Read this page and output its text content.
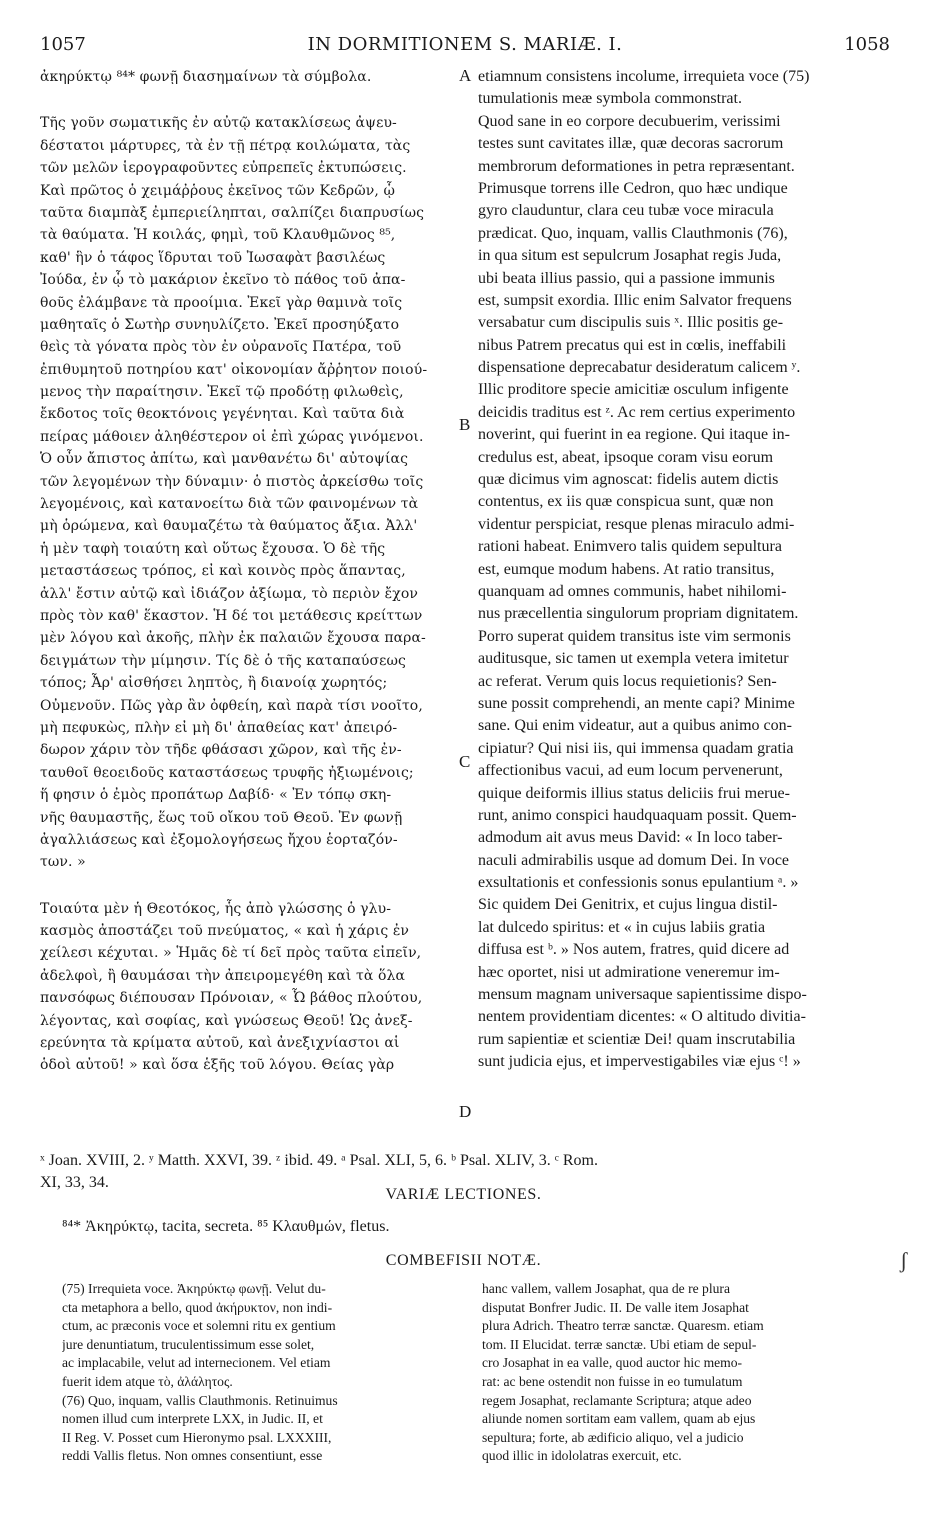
1057	IN DORMITIONEM S. MARIÆ. I.	1058
ἀκηρύκτῳ ⁸⁴* φωνῇ διασημαίνων τὰ σύμβολα.
Τῆς γοῦν σωματικῆς ἐν αὐτῷ κατακλίσεως ἀψευ-
δέστατοι μάρτυρες, τὰ ἐν τῇ πέτρᾳ κοιλώματα, τὰς
τῶν μελῶν ἱερογραφοῦντες εὐπρεπεῖς ἐκτυπώσεις.
Καὶ πρῶτος ὁ χειμάῤῥους ἐκεῖνος τῶν Κεδρῶν, ᾧ
ταῦτα διαμπὰξ ἐμπεριείληπται, σαλπίζει διαπρυσίως
τὰ θαύματα. Ἡ κοιλάς, φημὶ, τοῦ Κλαυθμῶνος ⁸⁵,
καθ' ἣν ὁ τάφος ἵδρυται τοῦ Ἰωσαφὰτ βασιλέως
Ἰούδα, ἐν ᾧ τὸ μακάριον ἐκεῖνο τὸ πάθος τοῦ ἀπα-
θοῦς ἐλάμβανε τὰ προοίμια. Ἐκεῖ γὰρ θαμινὰ τοῖς
μαθηταῖς ὁ Σωτὴρ συνηυλίζετο. Ἐκεῖ προσηύξατο
θεὶς τὰ γόνατα πρὸς τὸν ἐν οὐρανοῖς Πατέρα, τοῦ
ἐπιθυμητοῦ ποτηρίου κατ' οἰκονομίαν ἄῤῥητον ποιού-
μενος τὴν παραίτησιν. Ἐκεῖ τῷ προδότῃ φιλωθεὶς,
ἔκδοτος τοῖς θεοκτόνοις γεγένηται. Καὶ ταῦτα διὰ
πείρας μάθοιεν ἀληθέστερον οἱ ἐπὶ χώρας γινόμενοι.
Ὁ οὖν ἄπιστος ἀπίτω, καὶ μανθανέτω δι' αὐτοψίας
τῶν λεγομένων τὴν δύναμιν· ὁ πιστὸς ἀρκείσθω τοῖς
λεγομένοις, καὶ κατανοείτω διὰ τῶν φαινομένων τὰ
μὴ ὁρώμενα, καὶ θαυμαζέτω τὰ θαύματος ἄξια. Ἀλλ'
ἡ μὲν ταφὴ τοιαύτη καὶ οὕτως ἔχουσα. Ὁ δὲ τῆς
μεταστάσεως τρόπος, εἰ καὶ κοινὸς πρὸς ἅπαντας,
ἀλλ' ἔστιν αὐτῷ καὶ ἰδιάζον ἀξίωμα, τὸ περιὸν ἔχον
πρὸς τὸν καθ' ἕκαστον. Ἡ δέ τοι μετάθεσις κρείττων
μὲν λόγου καὶ ἀκοῆς, πλὴν ἐκ παλαιῶν ἔχουσα παρα-
δειγμάτων τὴν μίμησιν. Τίς δὲ ὁ τῆς καταπαύσεως
τόπος; Ἆρ' αἰσθήσει ληπτὸς, ἢ διανοίᾳ χωρητός;
Οὐμενοῦν. Πῶς γὰρ ἂν ὀφθείη, καὶ παρὰ τίσι νοοῖτο,
μὴ πεφυκὼς, πλὴν εἰ μὴ δι' ἀπαθείας κατ' ἀπειρό-
δωρον χάριν τὸν τῆδε φθάσασι χῶρον, καὶ τῆς ἐν-
ταυθοῖ θεοειδοῦς καταστάσεως τρυφῆς ἠξιωμένοις;
ἥ φησιν ὁ ἐμὸς προπάτωρ Δαβίδ· « Ἐν τόπῳ σκη-
νῆς θαυμαστῆς, ἕως τοῦ οἴκου τοῦ Θεοῦ. Ἐν φωνῇ
ἀγαλλιάσεως καὶ ἐξομολογήσεως ἤχου ἑορταζόν-
των. »
Τοιαύτα μὲν ἡ Θεοτόκος, ἧς ἀπὸ γλώσσης ὁ γλυ-
κασμὸς ἀποστάζει τοῦ πνεύματος, « καὶ ἡ χάρις ἐν
χείλεσι κέχυται. » Ἡμᾶς δὲ τί δεῖ πρὸς ταῦτα εἰπεῖν,
ἀδελφοὶ, ἢ θαυμάσαι τὴν ἀπειρομεγέθη καὶ τὰ ὅλα
πανσόφως διέπουσαν Πρόνοιαν, « Ὦ βάθος πλούτου,
λέγοντας, καὶ σοφίας, καὶ γνώσεως Θεοῦ! Ὡς ἀνεξ-
ερεύνητα τὰ κρίματα αὐτοῦ, καὶ ἀνεξιχνίαστοι αἱ
ὁδοὶ αὐτοῦ! » καὶ ὅσα ἑξῆς τοῦ λόγου. Θείας γὰρ
etiamnum consistens incolume, irrequieta voce (75)
tumulationis meæ symbola commonstrat.
Quod sane in eo corpore decubuerim, verissimi
testes sunt cavitates illæ, quæ decoras sacrorum
membrorum deformationes in petra repræsentant.
Primusque torrens ille Cedron, quo hæc undique
gyro clauduntur, clara ceu tubæ voce miracula
prædicat. Quo, inquam, vallis Clauthmonis (76),
in qua situm est sepulcrum Josaphat regis Juda,
ubi beata illius passio, qui a passione immunis
est, sumpsit exordia. Illic enim Salvator frequens
versabatur cum discipulis suis ˣ. Illic positis ge-
nibus Patrem precatus qui est in cœlis, ineffabili
dispensatione deprecabatur desideratum calicem ʸ.
Illic proditore specie amicitiæ osculum infigente
deicidis traditus est ᶻ. Ac rem certius experimento
noverint, qui fuerint in ea regione. Qui itaque in-
credulus est, abeat, ipsoque coram visu eorum
quæ dicimus vim agnoscat: fidelis autem dictis
contentus, ex iis quæ conspicua sunt, quæ non
videntur perspiciat, resque plenas miraculo admi-
rationi habeat. Enimvero talis quidem sepultura
est, eumque modum habens. At ratio transitus,
quanquam ad omnes communis, habet nihilomi-
nus præcellentia singulorum propriam dignitatem.
Porro superat quidem transitus iste vim sermonis
auditusque, sic tamen ut exempla vetera imitetur
ac referat. Verum quis locus requietionis? Sen-
sune possit comprehendi, an mente capi? Minime
sane. Qui enim videatur, aut a quibus animo con-
cipiatur? Qui nisi iis, qui immensa quadam gratia
affectionibus vacui, ad eum locum pervenerunt,
quique deiformis illius status deliciis frui merue-
runt, animo conspici haudquaquam possit. Quem-
admodum ait avus meus David: « In loco taber-
naculi admirabilis usque ad domum Dei. In voce
exsultationis et confessionis sonus epulantium ᵃ. »
Sic quidem Dei Genitrix, et cujus lingua distil-
lat dulcedo spiritus: et « in cujus labiis gratia
diffusa est ᵇ. » Nos autem, fratres, quid dicere ad
hæc oportet, nisi ut admiratione veneremur im-
mensum magnam universaque sapientissime dispo-
nentem providentiam dicentes: « O altitudo divitia-
rum sapientiæ et scientiæ Dei! quam inscrutabilia
sunt judicia ejus, et impervestigabiles viæ ejus ᶜ! »
A
B
C
D
ˣ Joan. XVIII, 2. ʸ Matth. XXVI, 39. ᶻ ibid. 49. ᵃ Psal. XLI, 5, 6. ᵇ Psal. XLIV, 3. ᶜ Rom.
XI, 33, 34.
VARIÆ LECTIONES.
⁸⁴* Ἀκηρύκτῳ, tacita, secreta. ⁸⁵ Κλαυθμών, fletus.
COMBEFISII NOTÆ.	ʃ
(75) Irrequieta voce. Ἀκηρύκτῳ φωνῇ. Velut du-
cta metaphora a bello, quod ἀκήρυκτον, non indi-
ctum, ac præconis voce et solemni ritu ex gentium
jure denuntiatum, truculentissimum esse solet,
ac implacabile, velut ad internecionem. Vel etiam
fuerit idem atque τὸ, ἀλάλητος.
(76) Quo, inquam, vallis Clauthmonis. Retinuimus
nomen illud cum interprete LXX, in Judic. II, et
II Reg. V. Posset cum Hieronymo psal. LXXXIII,
reddi Vallis fletus. Non omnes consentiunt, esse
hanc vallem, vallem Josaphat, qua de re plura
disputat Bonfrer Judic. II. De valle item Josaphat
plura Adrich. Theatro terræ sanctæ. Quaresm. etiam
tom. II Elucidat. terræ sanctæ. Ubi etiam de sepul-
cro Josaphat in ea valle, quod auctor hic memo-
rat: ac bene ostendit non fuisse in eo tumulatum
regem Josaphat, reclamante Scriptura; atque adeo
aliunde nomen sortitam eam vallem, quam ab ejus
sepultura; forte, ab ædificio aliquo, vel a judicio
quod illic in idololatras exercuit, etc.
